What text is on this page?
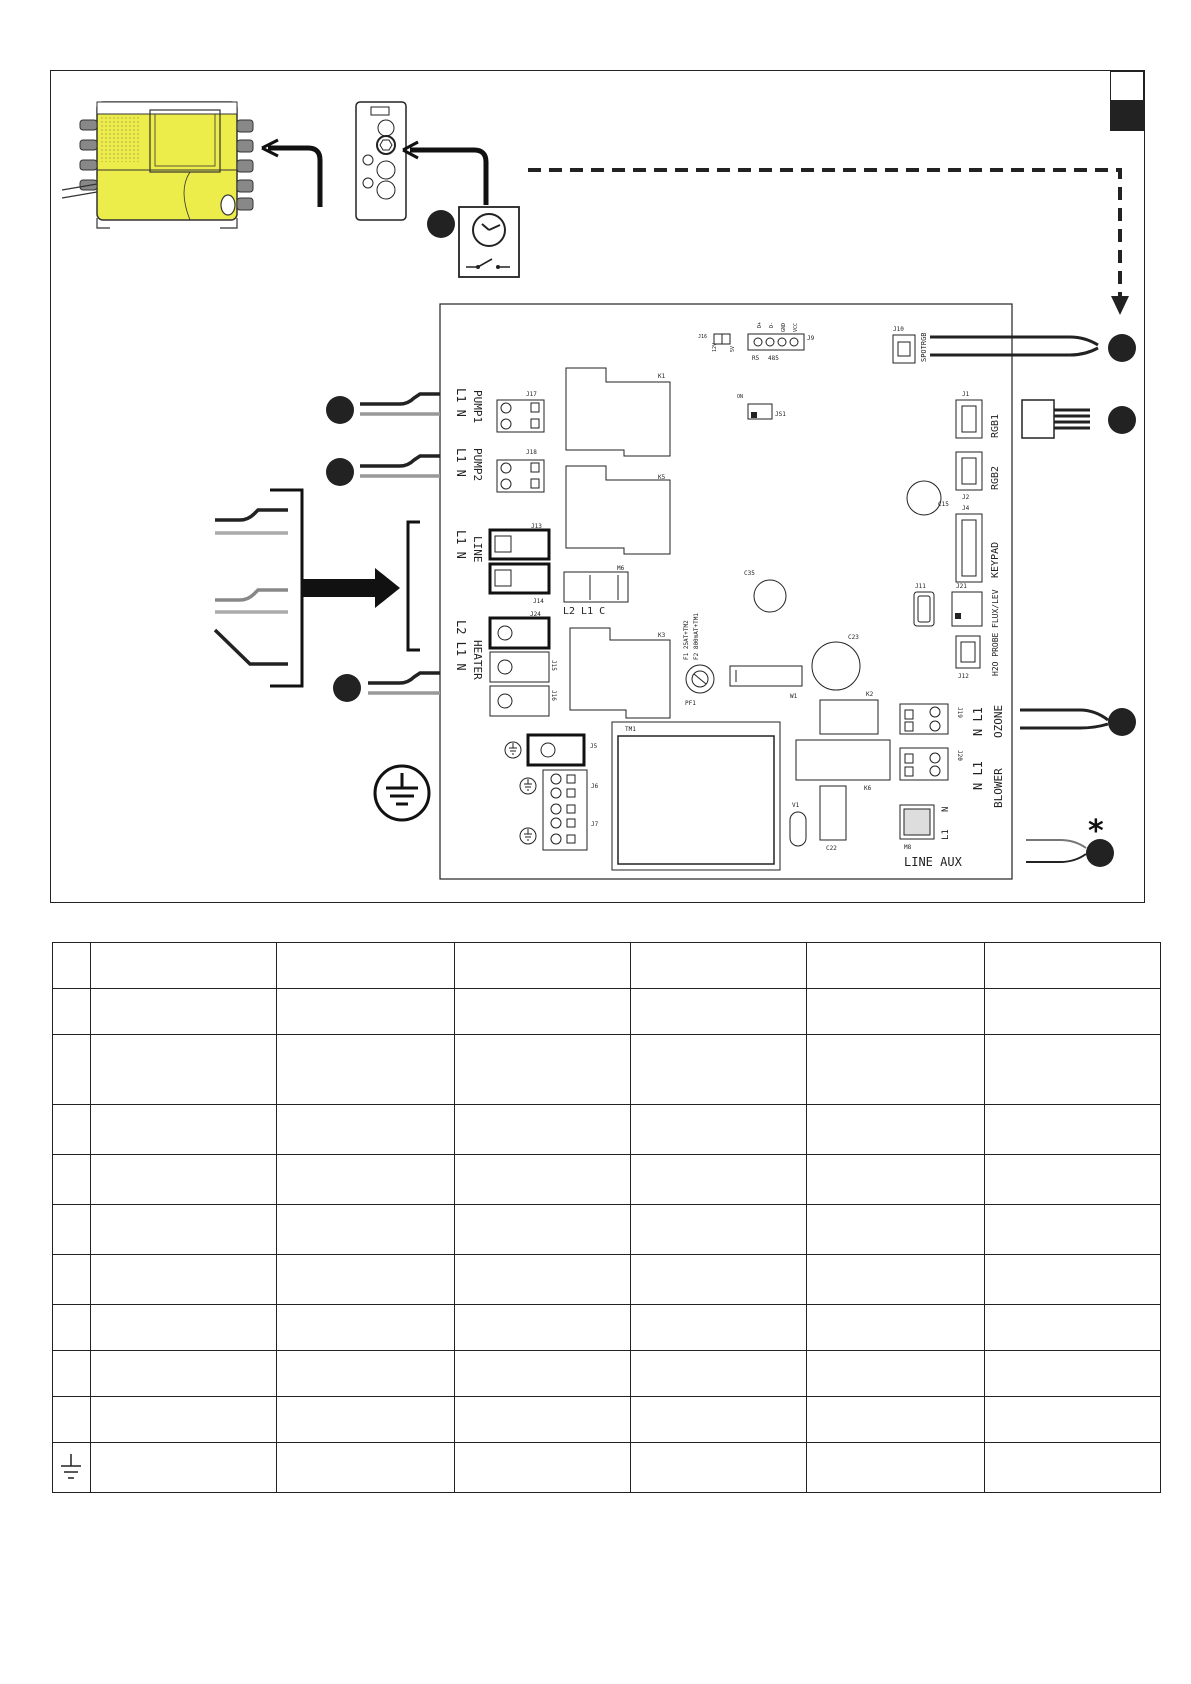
J16
12V 5V
D+ D- GND VCC
J9
R5 485
J10
SPOTRGB
K1
K5
ON
JS1
J17
L1 N PUMP1
J18
L1 N PUMP2
J13
J14
L1 N LINE
M6
L2 L1 C
J24
J15
J16
L2 L1 N HEATER
K3
C35
F1 25AT+TM2 F2 800mAT+TM1
PF1
W1
C23
K2
K6
C22
V1
J1
RGB1
J2
RGB2
C15
J4
KEYPAD
J11	J21
FLUX/LEV
J12
H2O PROBE
J19 N L1 OZONE
J20
N L1 BLOWER
M8
N
L1
LINE AUX
*
TM1
J5
J6
J7
